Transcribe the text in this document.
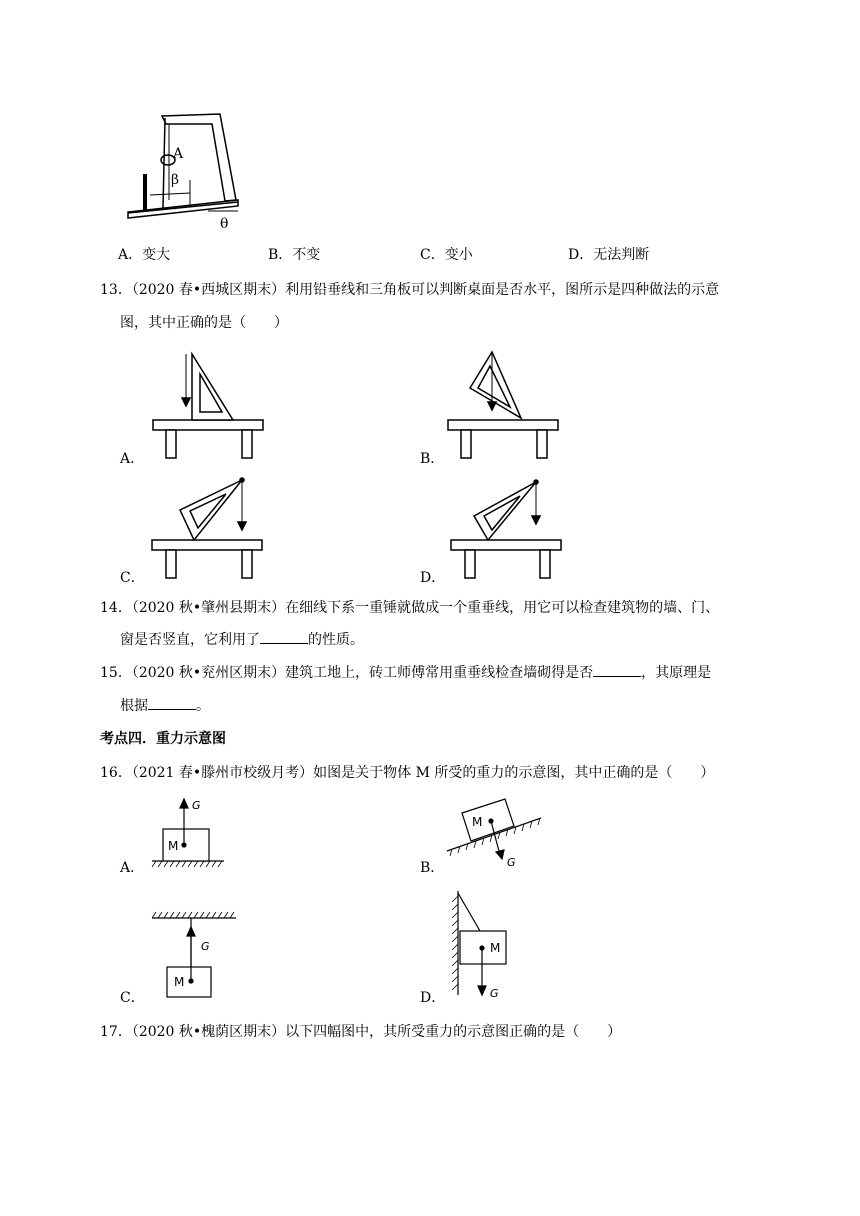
A
β
θ
A．变大	B．不变	C．变小	D．无法判断
13．（2020 春•西城区期末）利用铅垂线和三角板可以判断桌面是否水平，图所示是四种做法的示意
图，其中正确的是（　　）
A．	B．
C．	D．
14．（2020 秋•肇州县期末）在细线下系一重锤就做成一个重垂线，用它可以检查建筑物的墙、门、
窗是否竖直，它利用了	的性质。
15．（2020 秋•兖州区期末）建筑工地上，砖工师傅常用重垂线检查墙砌得是否	，其原理是
根据	。
考点四．重力示意图
16．（2021 春•滕州市校级月考）如图是关于物体 M 所受的重力的示意图，其中正确的是（　　）
M
G
M
G
M
G	M
G
A．	B．
C．	D．
17．（2020 秋•槐荫区期末）以下四幅图中，其所受重力的示意图正确的是（　　）
